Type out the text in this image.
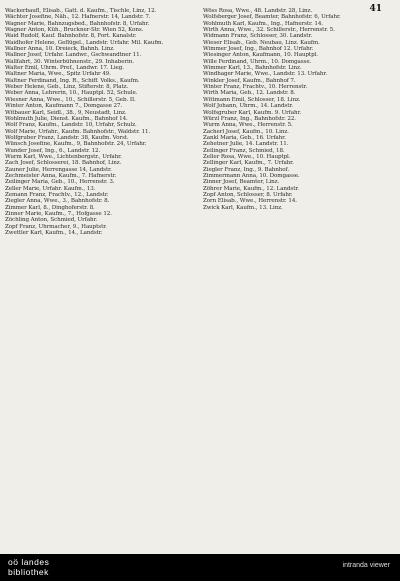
41
Wackerbaufl, Elisab., Gatt. d. Kaufm., Tischle, Linz, 12.
Wächter Josefine, Näh., 12. Hafnerstr. 14, Landstr. 7.
Wagner Marie, Bahnzugsbed., Bahnhofstr. 8, Urfahr.
Wagner Anton, Küh., Bruckner-Str. Wien 52, Kons.
Waid Rudolf, Kauf. Bahnhofstr. 8, Fort. Kanalstr.
Waidhofer Helene, Geflügel., Landstr. Urfahr. Mil. Kaufm.
Wallner Anna, 10. Dreieck, Bahnh. Linz.
Wallner Josef, Urfahr. Landwr., Gschwandtner 11.
Wallfahrt, 30. Winterbühnenstr., 29. Inhaberin.
Walter Emil, Uhrm. Pref., Landwr. 17. Lieg.
Waltner Maria, Wwe., Spitz Urfahr 49.
Waltner Ferdinand, Ing. R., Schiff. Volks., Kaufm.
Weber Helene, Geb., Linz, Stifterstr. 8, Platz.
Weber Anna, Lehrerin, 10., Hauptpl. 52, Schule.
Wiesner Anna, Wwe., 10., Schillerstr. 5, Geb. II.
Winter Anton, Kaufmann 7., Domgasse 27.
Witbauer Karl, Seidl., 38., 9, Neustadt, Linz.
Wohlmuth Julie, Dienst. Kaufm., Bahnhof 14.
Wolf Franz, Kaufm., Landstr. 10, Urfahr, Schulz.
Wolf Marie, Urfahr., Kaufm. Bahnhofstr., Waldstr. 11.
Wolfgruber Franz, Landstr. 38, Kaufm. Vorst.
Wünsch Josefine, Kaufm., 9, Bahnhofstr. 24, Urfahr.
Wunder Josef, Ing., 6., Landstr. 12.
Wurm Karl, Wwe., Lichtenbergstr., Urfahr.
Zach Josef, Schlosserei, 18. Bahnhof, Linz.
Zauner Julie, Herrengasse 14, Landstr.
Zechmeister Anna, Kaufm., 7. Hafnerstr.
Zeilinger Maria, Geb., 10., Herrenstr. 3.
Zeller Marie, Urfahr. Kaufm., 13.
Zemann Franz, Frachtv., 12., Landstr.
Ziegler Anna, Wwe., 3., Bahnhofstr. 8.
Zimmer Karl, 8., Dinghoferstr. 8.
Zinner Marie, Kaufm., 7., Hofgasse 12.
Zöchling Anton, Schmied, Urfahr.
Zopf Franz, Uhrmacher, 9., Hauptstr.
Zwettler Karl, Kaufm., 14., Landstr.
Wöss Rosa, Wwe., 48. Landstr. 28, Linz.
Wolfsberger Josef, Beamter, Bahnhofstr. 6, Urfahr.
Wohlmuth Karl, Kaufm., Ing., Hafnerstr. 14.
Wirth Anna, Wwe., 32. Schillerstr., Herrenstr. 5.
Widmann Franz, Schlosser, 30. Landstr.
Wieser Elisab., Geb. Neubau, Linz. Kaufm.
Wimmer Josef, Ing., Bahnhof 12. Urfahr.
Wiesinger Anton, Kaufmann, 10. Hauptpl.
Wille Ferdinand, Uhrm., 10. Domgasse.
Wimmer Karl, 13., Bahnhofstr. Linz.
Windhager Marie, Wwe., Landstr. 13. Urfahr.
Winkler Josef, Kaufm., Bahnhof 7.
Winter Franz, Frachtv., 10. Herrenstr.
Wirth Maria, Geb., 12. Landstr. 8.
Wittmann Emil, Schlosser, 18. Linz.
Wolf Johann, Uhrm., 14. Landstr.
Wolfsgruber Karl, Kaufm. 9. Urfahr.
Würzl Franz, Ing., Bahnhofstr. 22.
Wurm Anna, Wwe., Herrenstr. 5.
Zacherl Josef, Kaufm., 10. Linz.
Zankl Maria, Geb., 16. Urfahr.
Zehetner Julie, 14. Landstr. 11.
Zeilinger Franz, Schmied, 18.
Zeller Rosa, Wwe., 10. Hauptpl.
Zellinger Karl, Kaufm., 7. Urfahr.
Ziegler Franz, Ing., 9. Bahnhof.
Zimmermann Anna, 10. Domgasse.
Zinner Josef, Beamter, Linz.
Zöhrer Marie, Kaufm., 12. Landstr.
Zopf Anton, Schlosser, 8. Urfahr.
Zorn Elisab., Wwe., Herrenstr. 14.
Zwick Karl, Kaufm., 13. Linz.
oö landes
bibliothek
intranda viewer
